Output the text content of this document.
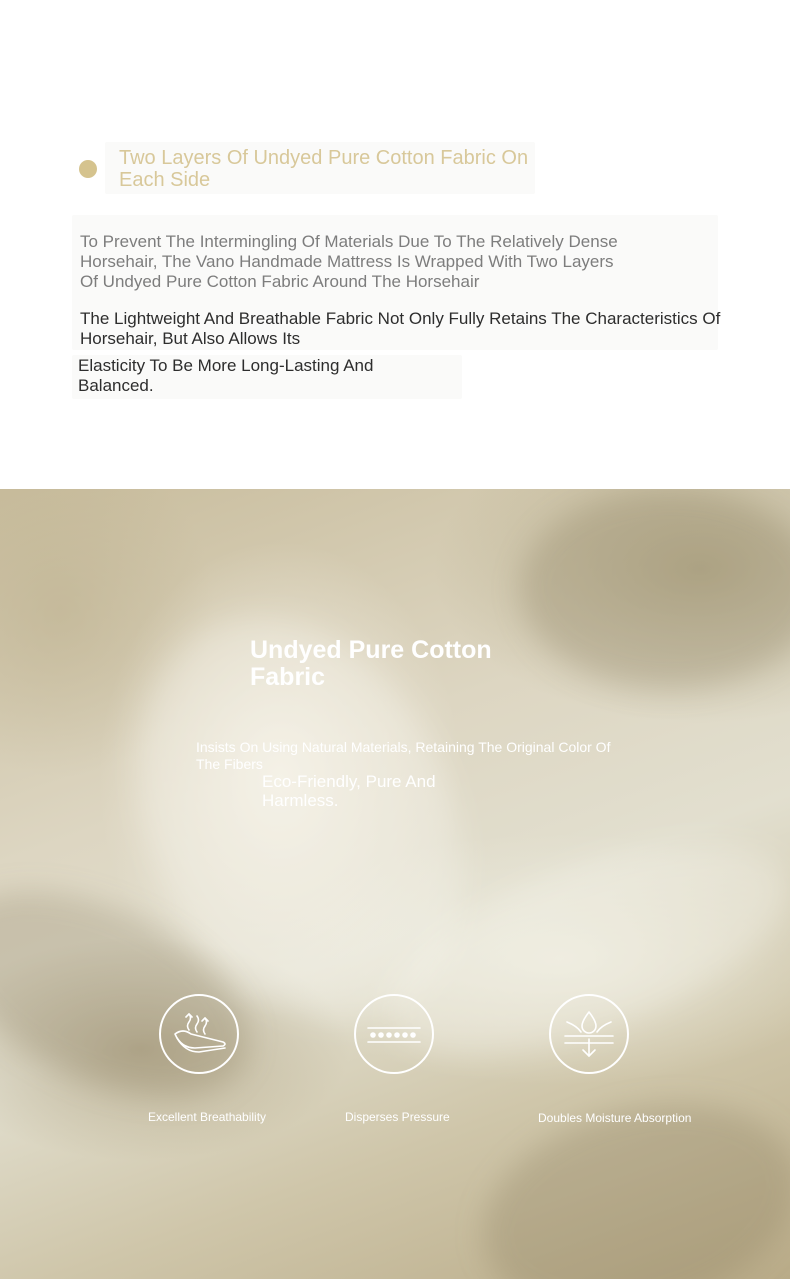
Two Layers Of Undyed Pure Cotton Fabric On Each Side

To Prevent The Intermingling Of Materials Due To The Relatively Dense Horsehair, The Vano Handmade Mattress Is Wrapped With Two Layers Of Undyed Pure Cotton Fabric Around The Horsehair

The Lightweight And Breathable Fabric Not Only Fully Retains The Characteristics Of Horsehair, But Also Allows Its

Elasticity To Be More Long-Lasting And Balanced.

Undyed Pure Cotton Fabric

Insists On Using Natural Materials, Retaining The Original Color Of The Fibers

Eco-Friendly, Pure And Harmless.

Excellent Breathability	Disperses Pressure	Doubles Moisture Absorption
